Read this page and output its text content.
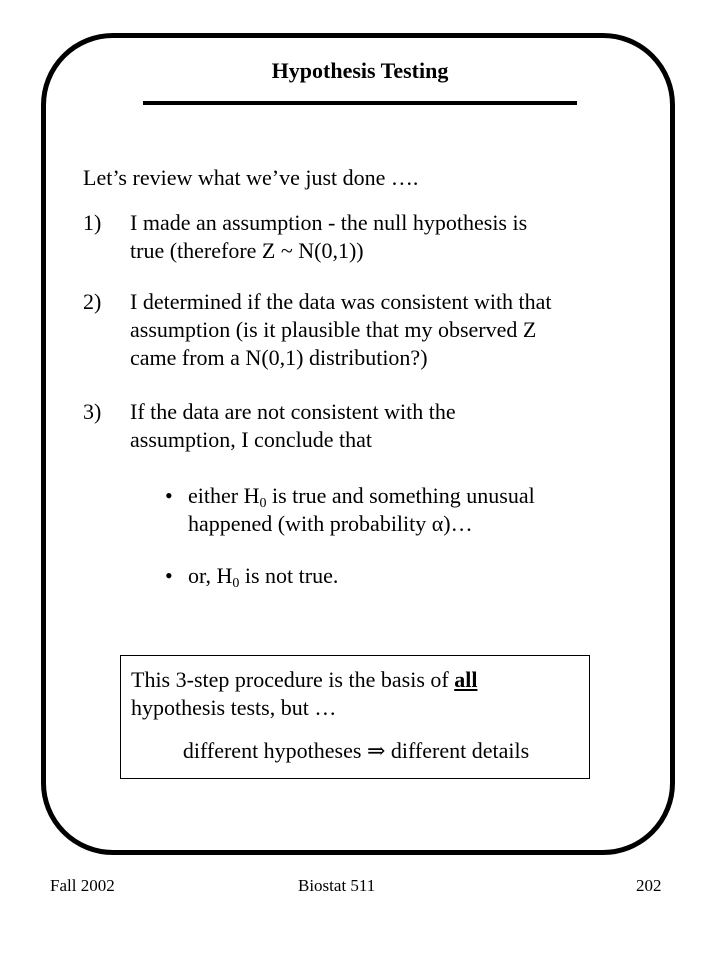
Hypothesis Testing
Let’s review what we’ve just done ….
1) I made an assumption - the null hypothesis is
true (therefore Z ~ N(0,1))
2) I determined if the data was consistent with that
assumption (is it plausible that my observed Z
came from a N(0,1) distribution?)
3) If the data are not consistent with the
assumption, I conclude that
• either $H_0$ is true and something unusual
happened (with probability α)…
• or, $H_0$ is not true.
This 3-step procedure is the basis of all
hypothesis tests, but …
different hypotheses ⇒ different details
Fall 2002	Biostat 511	202
